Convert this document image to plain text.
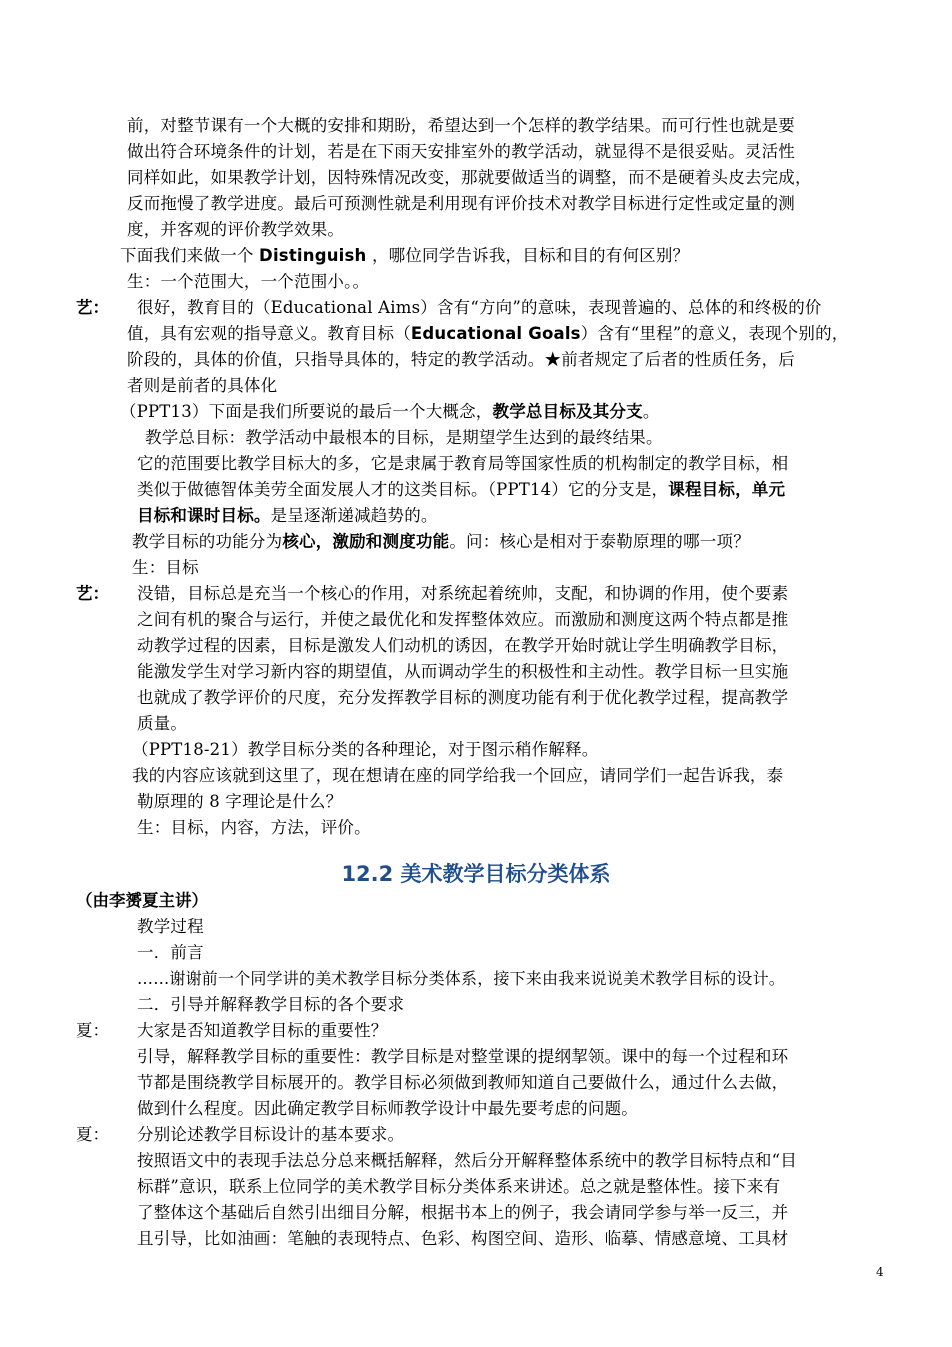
前，对整节课有一个大概的安排和期盼，希望达到一个怎样的教学结果。而可行性也就是要
做出符合环境条件的计划，若是在下雨天安排室外的教学活动，就显得不是很妥贴。灵活性
同样如此，如果教学计划，因特殊情况改变，那就要做适当的调整，而不是硬着头皮去完成，
反而拖慢了教学进度。最后可预测性就是利用现有评价技术对教学目标进行定性或定量的测
度，并客观的评价教学效果。
下面我们来做一个 Distinguish ，哪位同学告诉我，目标和目的有何区别？
生：一个范围大，一个范围小。。
艺： 很好，教育目的（Educational Aims）含有“方向”的意味，表现普遍的、总体的和终极的价
值，具有宏观的指导意义。教育目标（Educational Goals）含有“里程”的意义，表现个别的，
阶段的，具体的价值，只指导具体的，特定的教学活动。★前者规定了后者的性质任务，后
者则是前者的具体化
（PPT13）下面是我们所要说的最后一个大概念，教学总目标及其分支。
教学总目标：教学活动中最根本的目标，是期望学生达到的最终结果。
它的范围要比教学目标大的多，它是隶属于教育局等国家性质的机构制定的教学目标，相
类似于做德智体美劳全面发展人才的这类目标。（PPT14）它的分支是，课程目标，单元
目标和课时目标。是呈逐渐递减趋势的。
教学目标的功能分为核心，激励和测度功能。问：核心是相对于泰勒原理的哪一项？
生：目标
艺： 没错，目标总是充当一个核心的作用，对系统起着统帅，支配，和协调的作用，使个要素
之间有机的聚合与运行，并使之最优化和发挥整体效应。而激励和测度这两个特点都是推
动教学过程的因素，目标是激发人们动机的诱因，在教学开始时就让学生明确教学目标，
能激发学生对学习新内容的期望值，从而调动学生的积极性和主动性。教学目标一旦实施
也就成了教学评价的尺度，充分发挥教学目标的测度功能有利于优化教学过程，提高教学
质量。
（PPT18-21）教学目标分类的各种理论，对于图示稍作解释。
我的内容应该就到这里了，现在想请在座的同学给我一个回应，请同学们一起告诉我，泰
勒原理的 8 字理论是什么？
生：目标，内容，方法，评价。
12.2 美术教学目标分类体系
（由李赟夏主讲）
教学过程
一．前言
……谢谢前一个同学讲的美术教学目标分类体系，接下来由我来说说美术教学目标的设计。
二．引导并解释教学目标的各个要求
夏： 大家是否知道教学目标的重要性？
引导，解释教学目标的重要性：教学目标是对整堂课的提纲挈领。课中的每一个过程和环
节都是围绕教学目标展开的。教学目标必须做到教师知道自己要做什么，通过什么去做，
做到什么程度。因此确定教学目标师教学设计中最先要考虑的问题。
夏： 分别论述教学目标设计的基本要求。
按照语文中的表现手法总分总来概括解释，然后分开解释整体系统中的教学目标特点和“目
标群”意识，联系上位同学的美术教学目标分类体系来讲述。总之就是整体性。接下来有
了整体这个基础后自然引出细目分解，根据书本上的例子，我会请同学参与举一反三，并
且引导，比如油画：笔触的表现特点、色彩、构图空间、造形、临摹、情感意境、工具材
4
